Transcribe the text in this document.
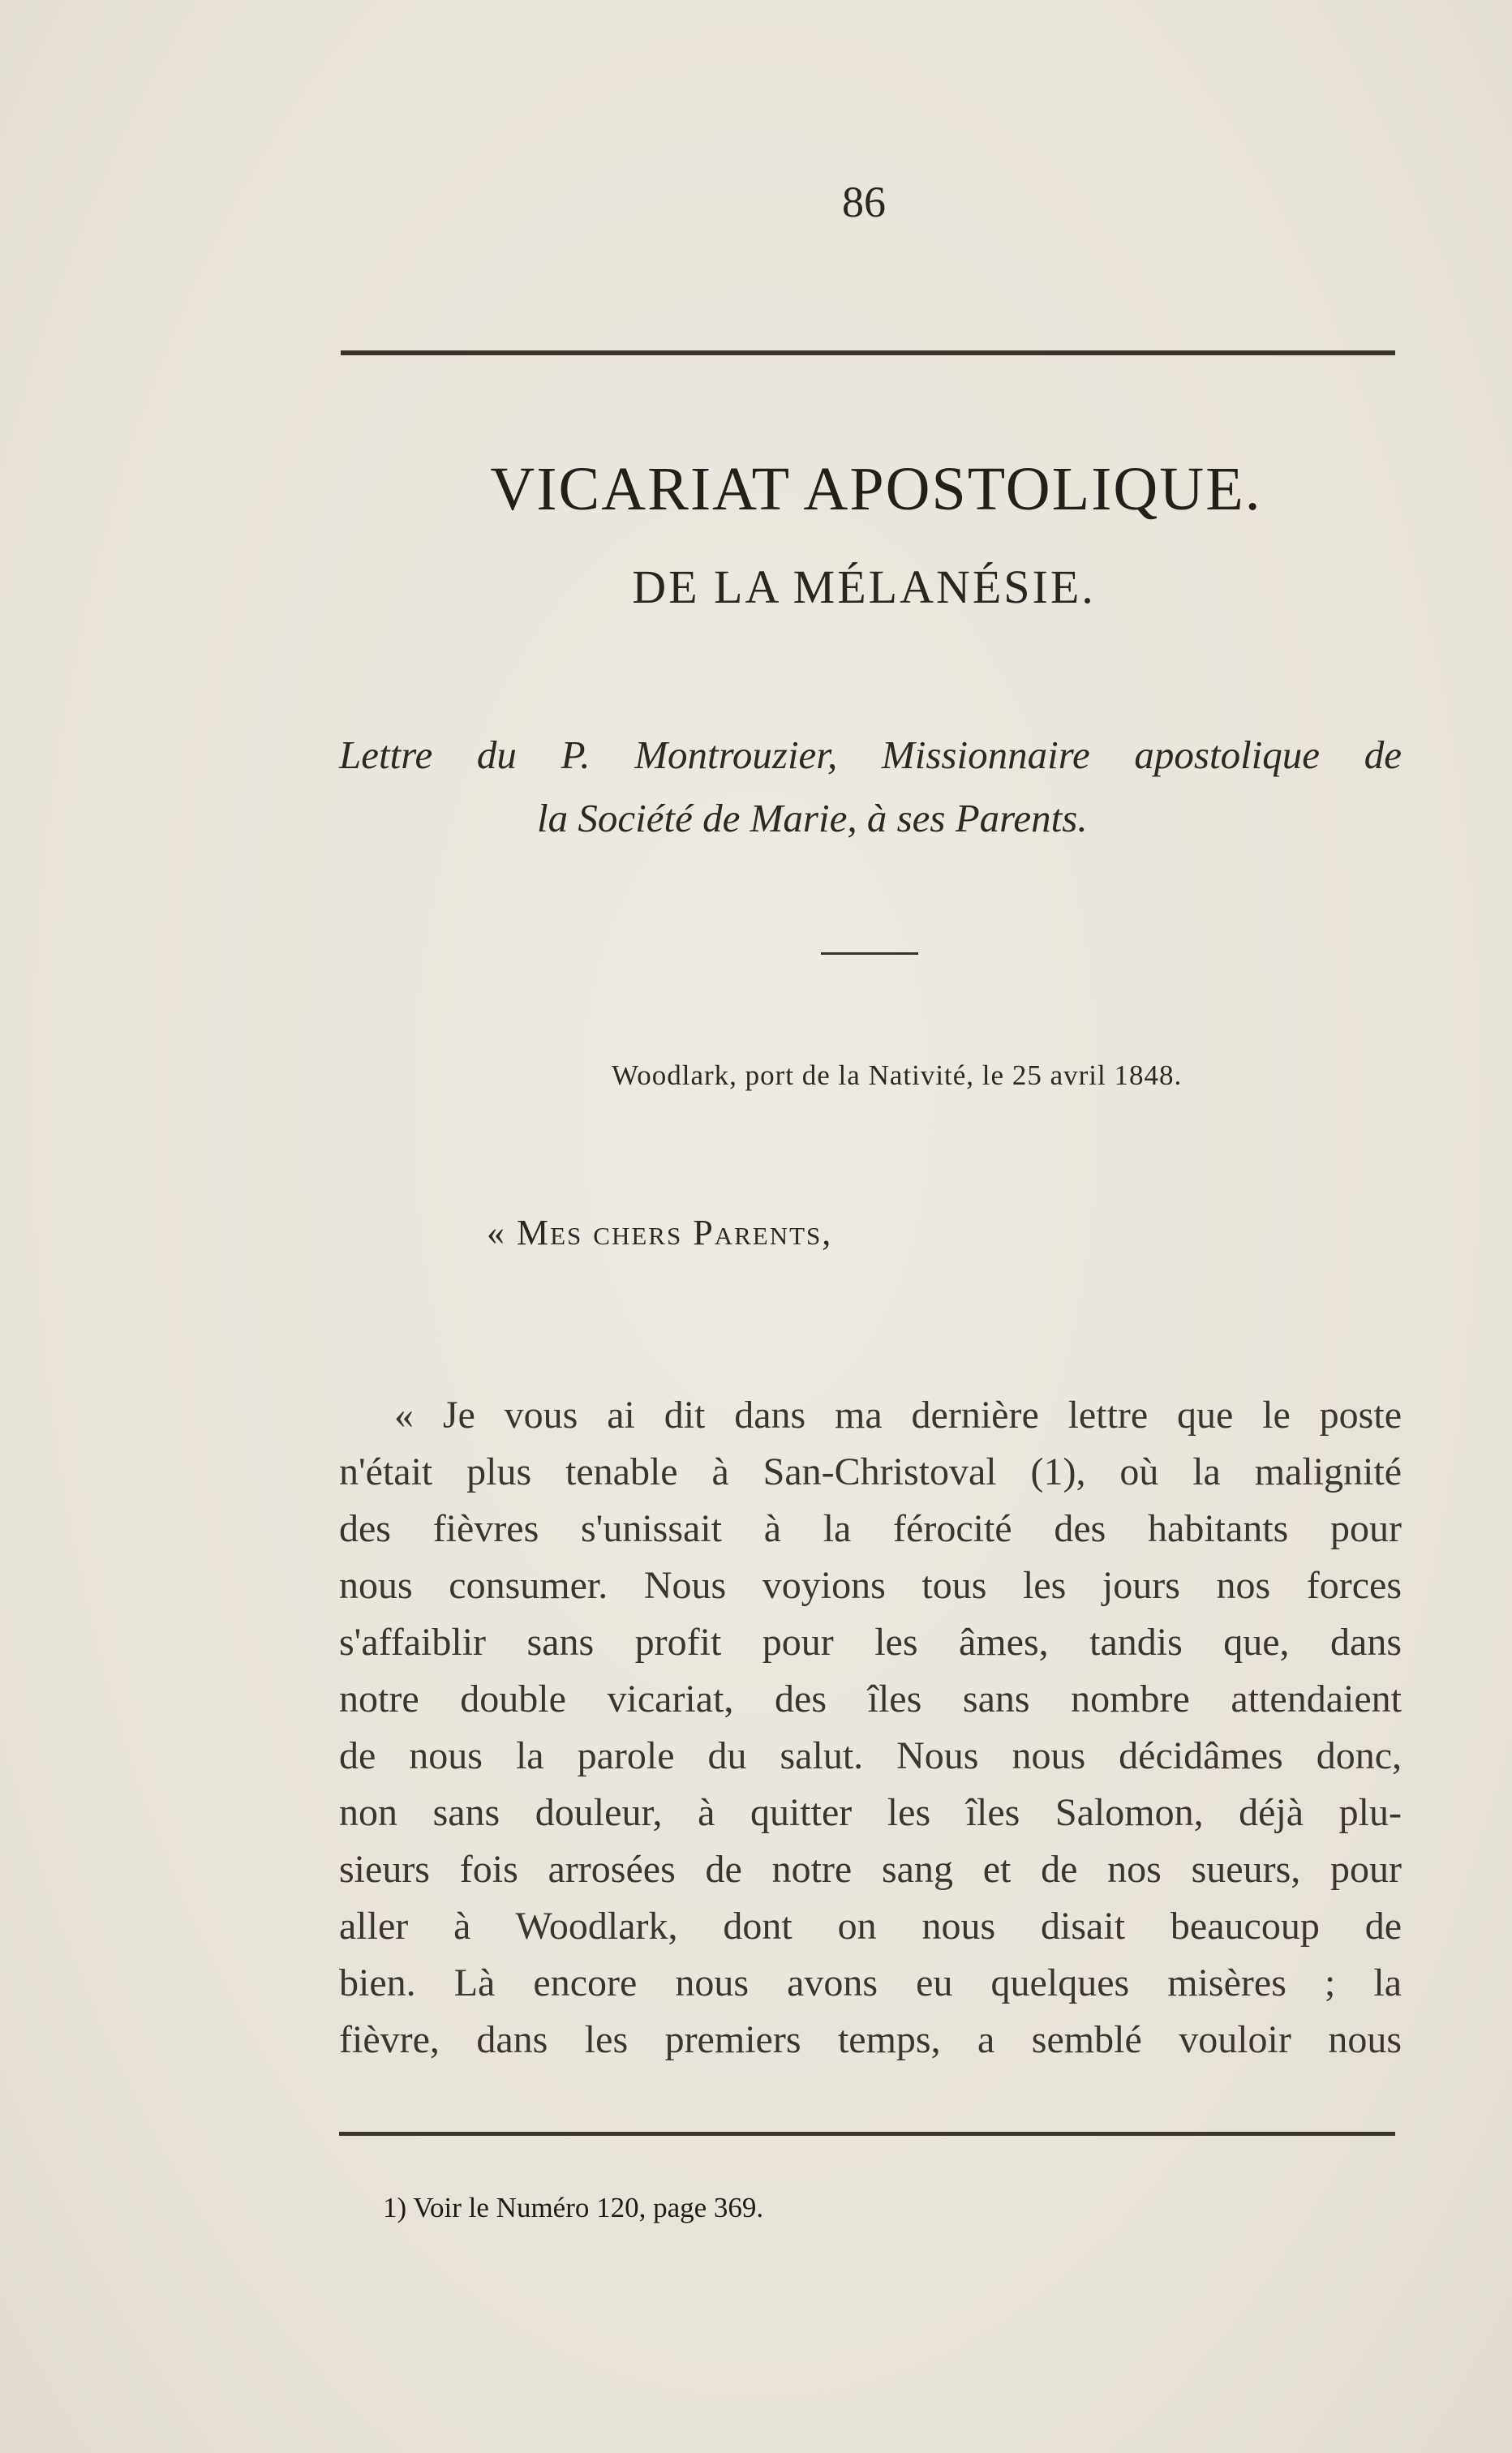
86
VICARIAT APOSTOLIQUE.
DE LA MÉLANÉSIE.
Lettre du P. Montrouzier, Missionnaire apostolique de
la Société de Marie, à ses Parents.
Woodlark, port de la Nativité, le 25 avril 1848.
« Mes chers Parents,
« Je vous ai dit dans ma dernière lettre que le poste
n'était plus tenable à San-Christoval (1), où la malignité
des fièvres s'unissait à la férocité des habitants pour
nous consumer. Nous voyions tous les jours nos forces
s'affaiblir sans profit pour les âmes, tandis que, dans
notre double vicariat, des îles sans nombre attendaient
de nous la parole du salut. Nous nous décidâmes donc,
non sans douleur, à quitter les îles Salomon, déjà plu-
sieurs fois arrosées de notre sang et de nos sueurs, pour
aller à Woodlark, dont on nous disait beaucoup de
bien. Là encore nous avons eu quelques misères ; la
fièvre, dans les premiers temps, a semblé vouloir nous
1) Voir le Numéro 120, page 369.
